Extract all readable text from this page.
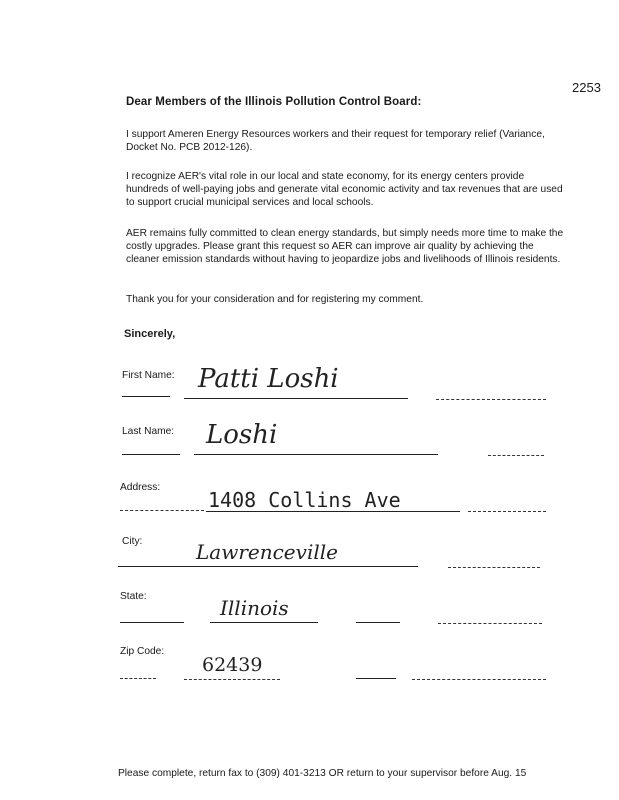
2253
Dear Members of the Illinois Pollution Control Board:
I support Ameren Energy Resources workers and their request for temporary relief (Variance, Docket No. PCB 2012-126).
I recognize AER's vital role in our local and state economy, for its energy centers provide hundreds of well-paying jobs and generate vital economic activity and tax revenues that are used to support crucial municipal services and local schools.
AER remains fully committed to clean energy standards, but simply needs more time to make the costly upgrades. Please grant this request so AER can improve air quality by achieving the cleaner emission standards without having to jeopardize jobs and livelihoods of Illinois residents.
Thank you for your consideration and for registering my comment.
Sincerely,
First Name: Patti Loshi
Last Name: Loshi
Address:
1408 Collins Ave
City:	Lawrenceville
State:	Illinois
Zip Code:
62439
Please complete, return fax to (309) 401-3213 OR return to your supervisor before Aug. 15
